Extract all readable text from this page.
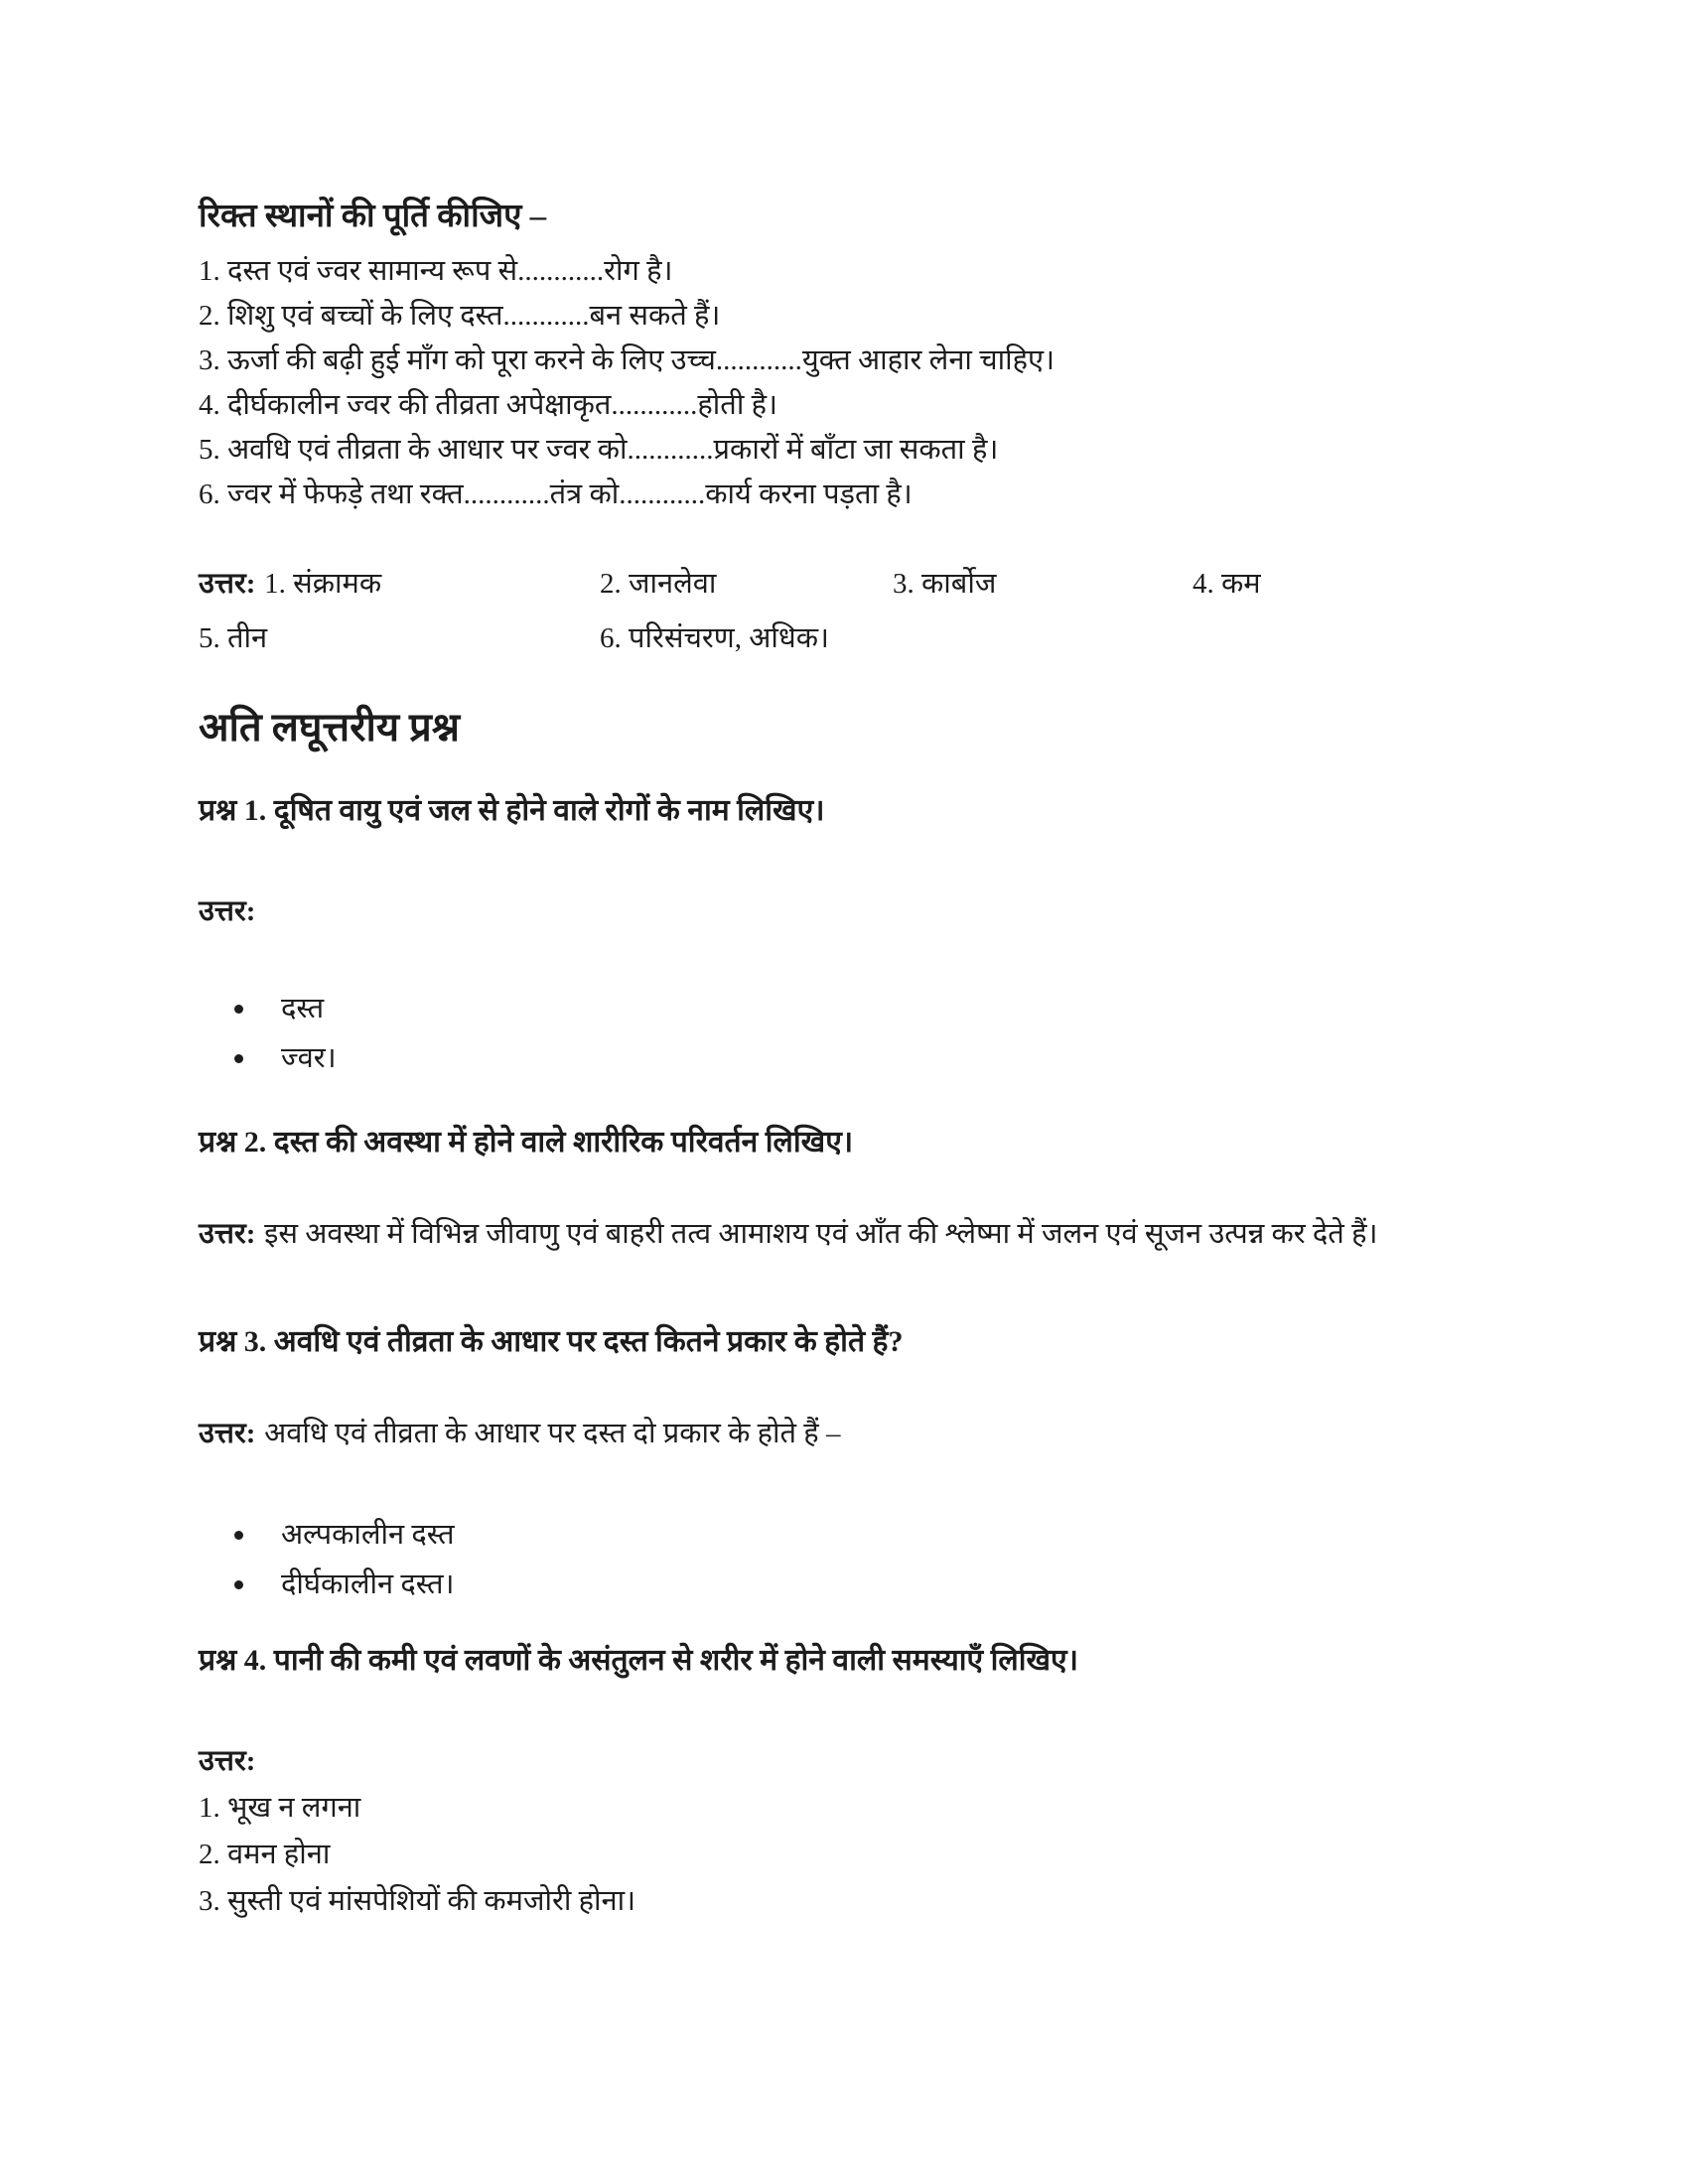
रिक्त स्थानों की पूर्ति कीजिए –

1. दस्त एवं ज्वर सामान्य रूप से............रोग है।

2. शिशु एवं बच्चों के लिए दस्त............बन सकते हैं।

3. ऊर्जा की बढ़ी हुई माँग को पूरा करने के लिए उच्च............युक्त आहार लेना चाहिए।

4. दीर्घकालीन ज्वर की तीव्रता अपेक्षाकृत............होती है।

5. अवधि एवं तीव्रता के आधार पर ज्वर को............प्रकारों में बाँटा जा सकता है।

6. ज्वर में फेफड़े तथा रक्त............तंत्र को............कार्य करना पड़ता है।

उत्तर: 1. संक्रामक	2. जानलेवा	3. कार्बोज	4. कम

5. तीन	6. परिसंचरण, अधिक।

अति लघूत्तरीय प्रश्न

प्रश्न 1. दूषित वायु एवं जल से होने वाले रोगों के नाम लिखिए।

उत्तर:

दस्त
ज्वर।

प्रश्न 2. दस्त की अवस्था में होने वाले शारीरिक परिवर्तन लिखिए।

उत्तर: इस अवस्था में विभिन्न जीवाणु एवं बाहरी तत्व आमाशय एवं आँत की श्लेष्मा में जलन एवं सूजन उत्पन्न कर देते हैं।

प्रश्न 3. अवधि एवं तीव्रता के आधार पर दस्त कितने प्रकार के होते हैं?

उत्तर: अवधि एवं तीव्रता के आधार पर दस्त दो प्रकार के होते हैं –

अल्पकालीन दस्त
दीर्घकालीन दस्त।

प्रश्न 4. पानी की कमी एवं लवणों के असंतुलन से शरीर में होने वाली समस्याएँ लिखिए।

उत्तर:

1. भूख न लगना

2. वमन होना

3. सुस्ती एवं मांसपेशियों की कमजोरी होना।
